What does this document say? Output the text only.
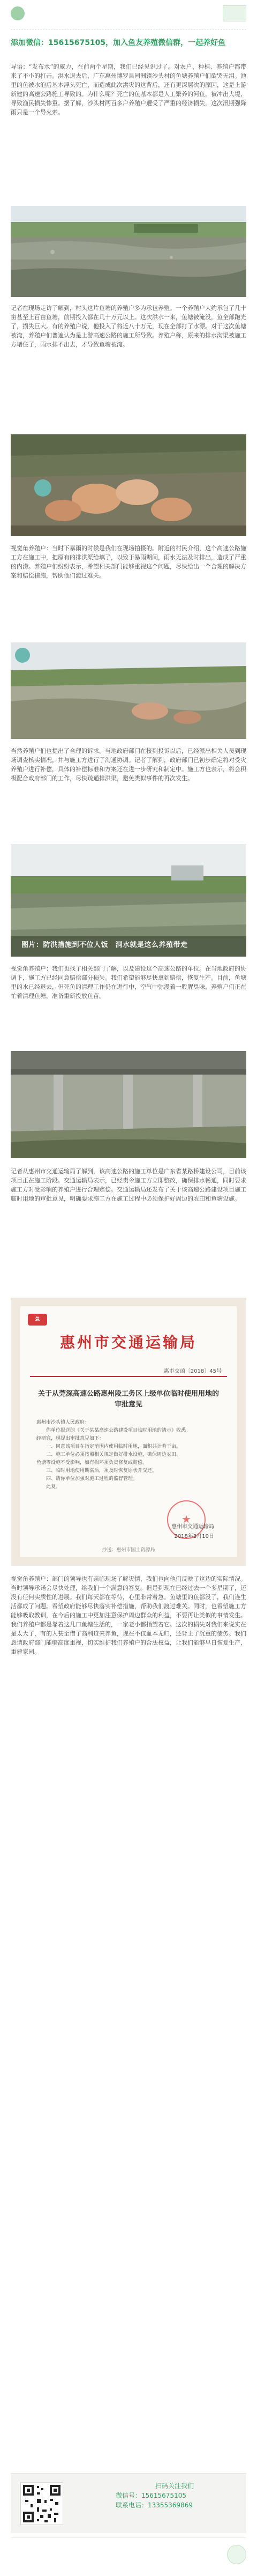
添加微信：15615675105，加入鱼友养殖微信群，一起养好鱼
导语：“发布水”的威力，在前两个星期，我们已经见识过了。对农户、种植、养殖户都带来了不小的打击。洪水退去后，广东惠州博罗县园洲镇沙头村的鱼塘养殖户们欲哭无泪。池里的鱼被水泡后基本浮头死亡，而造成此次洪灾的这背后，还有更深层次的原因，这是上游新建的高速公路施工导致的。为什么呢？死亡的鱼基本都是人工繁养的河鱼，被冲出大堤，导致渔民损失惨重。据了解，沙头村两百多户养殖户遭受了严重的经济损失，这次汛期强降雨只是一个导火索。
记者在现场走访了解到，村头这片鱼塘的养殖户多为承包养殖。一个养殖户大约承包了几十亩甚至上百亩鱼塘，前期投入都在几十万元以上。这次洪水一来，鱼塘被淹没，鱼全部跑光了，损失巨大。有的养殖户说，他投入了将近八十万元，现在全部打了水漂。对于这次鱼塘被淹，养殖户们普遍认为是上游高速公路的施工所导致。养殖户称，原来的排水沟渠被施工方堵住了，雨水排不出去，才导致鱼塘被淹。
视觉角养殖户：当时下暴雨的时候是我们在现场拍摄的。附近的村民介绍，这个高速公路施工方在施工中，把原有的排洪渠给填了，以致于暴雨期间，雨水无法及时排出，造成了严重的内涝。养殖户们纷纷表示，希望相关部门能够重视这个问题，尽快给出一个合理的解决方案和赔偿措施，帮助他们渡过难关。
当然养殖户们也提出了合理的诉求。当地政府部门在接到投诉以后，已经派出相关人员到现场调查核实情况，并与施工方进行了沟通协调。记者了解到，政府部门已初步确定将对受灾养殖户进行补偿，具体的补偿标准和方案还在进一步研究和制定中。施工方也表示，将会积极配合政府部门的工作，尽快疏通排洪渠，避免类似事件的再次发生。
图片：防洪措施到不位人饭　洞水就是这么养殖带走
视觉角养殖户：我们也找了相关部门了解，以及建设这个高速公路的单位。在当地政府的协调下，施工方已经同意赔偿部分损失。我们希望能够尽快拿到赔偿，恢复生产。目前，鱼塘里的水已经退去，但死鱼的清理工作仍在进行中，空气中弥漫着一股腥臭味，养殖户们正在忙着清理鱼塘，准备重新投放鱼苗。
记者从惠州市交通运输局了解到，该高速公路的施工单位是广东省某路桥建设公司，目前该项目正在施工阶段。交通运输局表示，已经责令施工方立即整改，确保排水畅通，同时要求施工方对受影响的养殖户进行合理赔偿。交通运输局还发布了关于该高速公路建设项目施工临时用地的审批意见，明确要求施工方在施工过程中必须保护好周边的农田和鱼塘设施。
急
惠州市交通运输局
惠市交函〔2018〕45号
关于从莞深高速公路惠州段工务区上级单位临时使用用地的审批意见
惠州市沙头镇人民政府：
　　你单位报送的《关于某某高速公路建设项目临时用地的请示》收悉。
经研究，现提出审批意见如下：
　　一、同意该项目在指定范围内使用临时用地，面积共计若干亩。
　　二、施工单位必须按照相关规定做好排水设施，确保周边农田、
鱼塘等设施不受影响，如有损坏须负责修复或赔偿。
　　三、临时用地使用期满后，须及时恢复原状并交还。
　　四、请你单位加强对施工过程的监督管理。
　　此复。
★
惠州市交通运输局
2018年3月10日
抄送：惠州市国土资源局
视觉角养殖户：部门的领导也有亲临现场了解灾情，我们也向他们反映了这边的实际情况。当时领导承诺会尽快处理，给我们一个满意的答复。但是到现在已经过去一个多星期了，还没有任何实质性的进展。我们每天都在等待，心里非常着急。鱼塘里的鱼都没了，我们连生活都成了问题。希望政府能够尽快落实补偿措施，帮助我们渡过难关。同时，也希望施工方能够吸取教训，在今后的施工中更加注意保护周边群众的利益，不要再让类似的事情发生。我们养殖户都是靠着这几口鱼塘生活的，一家老小都指望着它。这次的损失对我们来说实在是太大了，有的人甚至借了高利贷来养鱼，现在不仅血本无归，还背上了沉重的债务。我们恳请政府部门能够高度重视，切实维护我们养殖户的合法权益，让我们能够早日恢复生产，重建家园。
扫码关注我们
微信号：15615675105
联系电话：13355369869
